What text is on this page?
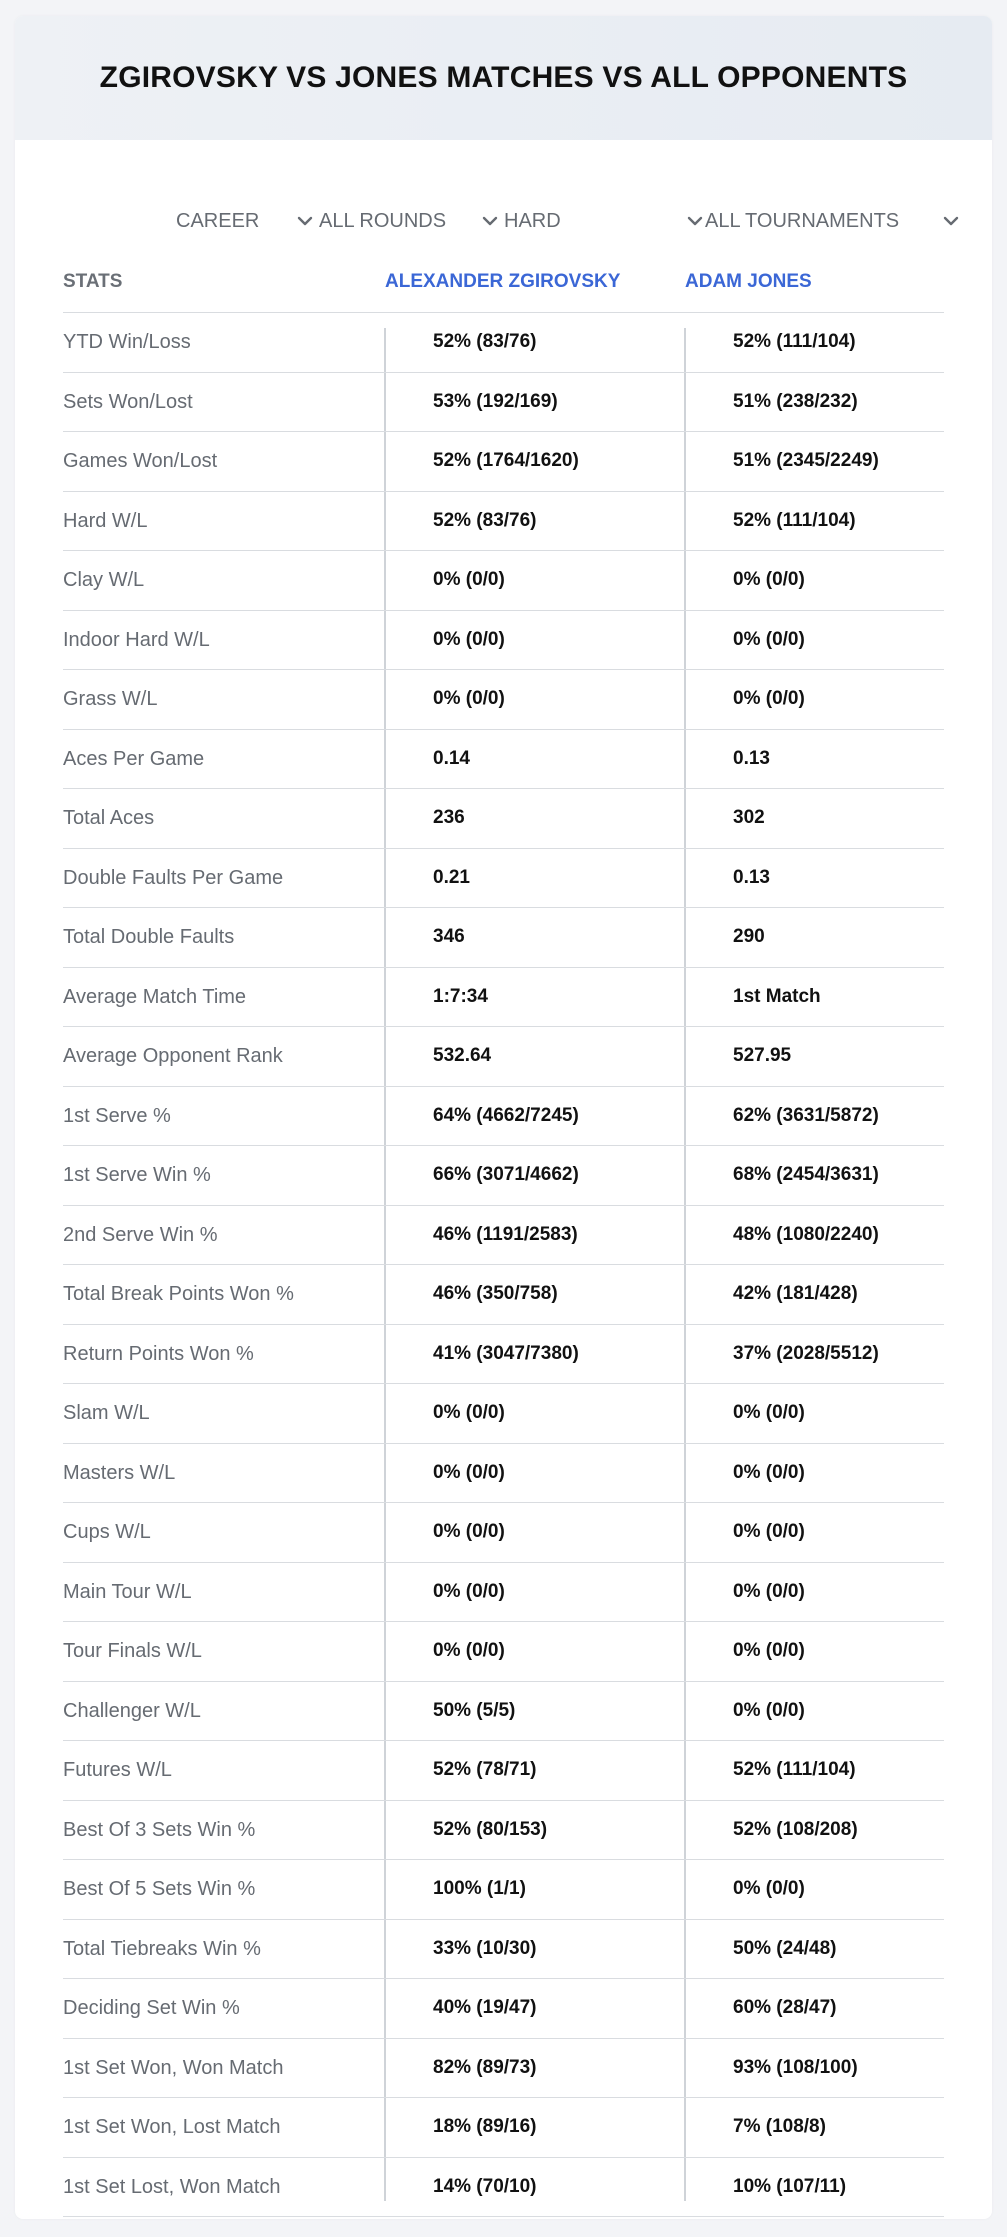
ZGIROVSKY VS JONES MATCHES VS ALL OPPONENTS
CAREER	ALL ROUNDS	HARD	ALL TOURNAMENTS
STATS	ALEXANDER ZGIROVSKY	ADAM JONES
YTD Win/Loss	52% (83/76)	52% (111/104)
Sets Won/Lost	53% (192/169)	51% (238/232)
Games Won/Lost	52% (1764/1620)	51% (2345/2249)
Hard W/L	52% (83/76)	52% (111/104)
Clay W/L	0% (0/0)	0% (0/0)
Indoor Hard W/L	0% (0/0)	0% (0/0)
Grass W/L	0% (0/0)	0% (0/0)
Aces Per Game	0.14	0.13
Total Aces	236	302
Double Faults Per Game	0.21	0.13
Total Double Faults	346	290
Average Match Time	1:7:34	1st Match
Average Opponent Rank	532.64	527.95
1st Serve %	64% (4662/7245)	62% (3631/5872)
1st Serve Win %	66% (3071/4662)	68% (2454/3631)
2nd Serve Win %	46% (1191/2583)	48% (1080/2240)
Total Break Points Won %	46% (350/758)	42% (181/428)
Return Points Won %	41% (3047/7380)	37% (2028/5512)
Slam W/L	0% (0/0)	0% (0/0)
Masters W/L	0% (0/0)	0% (0/0)
Cups W/L	0% (0/0)	0% (0/0)
Main Tour W/L	0% (0/0)	0% (0/0)
Tour Finals W/L	0% (0/0)	0% (0/0)
Challenger W/L	50% (5/5)	0% (0/0)
Futures W/L	52% (78/71)	52% (111/104)
Best Of 3 Sets Win %	52% (80/153)	52% (108/208)
Best Of 5 Sets Win %	100% (1/1)	0% (0/0)
Total Tiebreaks Win %	33% (10/30)	50% (24/48)
Deciding Set Win %	40% (19/47)	60% (28/47)
1st Set Won, Won Match	82% (89/73)	93% (108/100)
1st Set Won, Lost Match	18% (89/16)	7% (108/8)
1st Set Lost, Won Match	14% (70/10)	10% (107/11)
